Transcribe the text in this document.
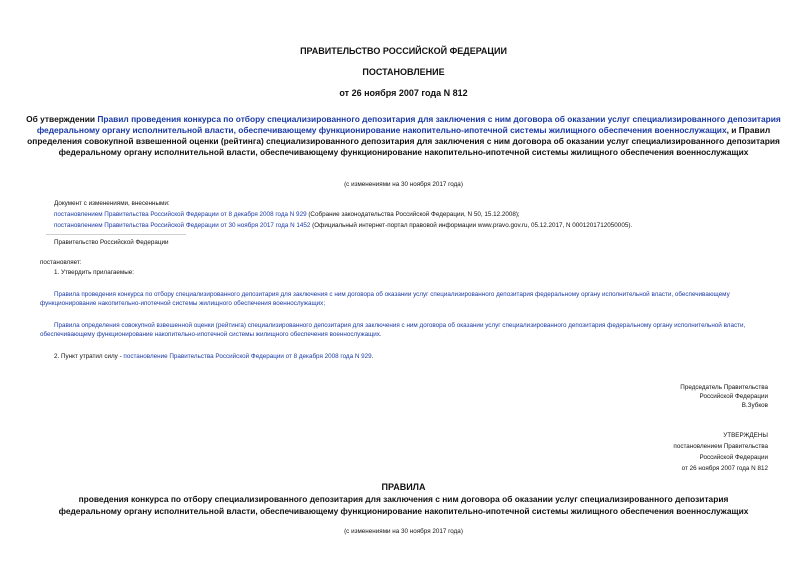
ПРАВИТЕЛЬСТВО РОССИЙСКОЙ ФЕДЕРАЦИИ
ПОСТАНОВЛЕНИЕ
от 26 ноября 2007 года N 812
Об утверждении Правил проведения конкурса по отбору специализированного депозитария для заключения с ним договора об оказании услуг специализированного депозитария федеральному органу исполнительной власти, обеспечивающему функционирование накопительно-ипотечной системы жилищного обеспечения военнослужащих, и Правил определения совокупной взвешенной оценки (рейтинга) специализированного депозитария для заключения с ним договора об оказании услуг специализированного депозитария федеральному органу исполнительной власти, обеспечивающему функционирование накопительно-ипотечной системы жилищного обеспечения военнослужащих
(с изменениями на 30 ноября 2017 года)
Документ с изменениями, внесенными:
постановлением Правительства Российской Федерации от 8 декабря 2008 года N 929 (Собрание законодательства Российской Федерации, N 50, 15.12.2008);
постановлением Правительства Российской Федерации от 30 ноября 2017 года N 1452 (Официальный интернет-портал правовой информации www.pravo.gov.ru, 05.12.2017, N 0001201712050005).
Правительство Российской Федерации
постановляет:
1. Утвердить прилагаемые:
Правила проведения конкурса по отбору специализированного депозитария для заключения с ним договора об оказании услуг специализированного депозитария федеральному органу исполнительной власти, обеспечивающему функционирование накопительно-ипотечной системы жилищного обеспечения военнослужащих;
Правила определения совокупной взвешенной оценки (рейтинга) специализированного депозитария для заключения с ним договора об оказании услуг специализированного депозитария федеральному органу исполнительной власти, обеспечивающему функционирование накопительно-ипотечной системы жилищного обеспечения военнослужащих.
2. Пункт утратил силу - постановление Правительства Российской Федерации от 8 декабря 2008 года N 929.
Председатель Правительства
Российской Федерации
В.Зубков
УТВЕРЖДЕНЫ
постановлением Правительства
Российской Федерации
от 26 ноября 2007 года N 812
ПРАВИЛА
проведения конкурса по отбору специализированного депозитария для заключения с ним договора об оказании услуг специализированного депозитария
федеральному органу исполнительной власти, обеспечивающему функционирование накопительно-ипотечной системы жилищного обеспечения военнослужащих
(с изменениями на 30 ноября 2017 года)
